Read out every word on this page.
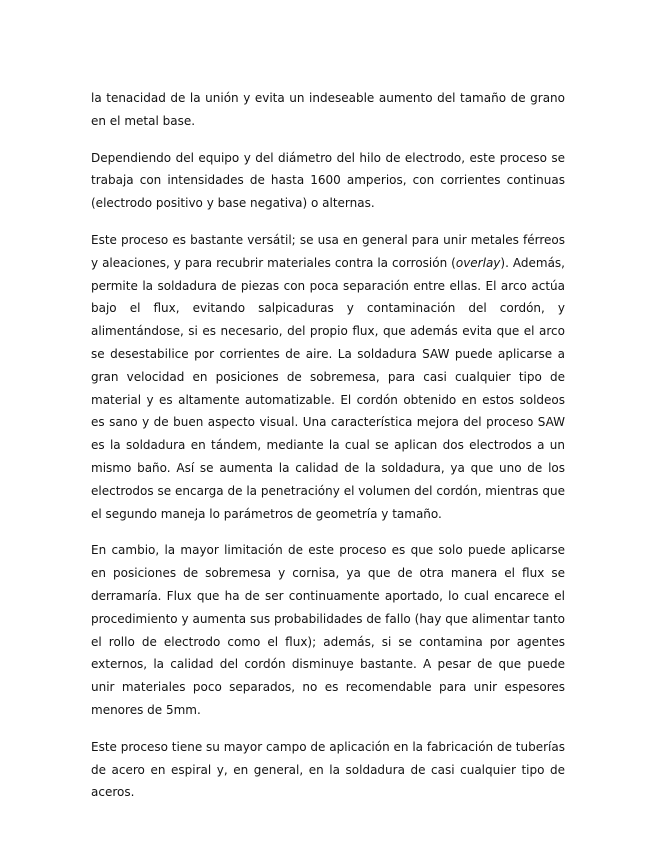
la tenacidad de la unión y evita un indeseable aumento del tamaño de grano en el metal base.

Dependiendo del equipo y del diámetro del hilo de electrodo, este proceso se trabaja con intensidades de hasta 1600 amperios, con corrientes continuas (electrodo positivo y base negativa) o alternas.

Este proceso es bastante versátil; se usa en general para unir metales férreos y aleaciones, y para recubrir materiales contra la corrosión (overlay). Además, permite la soldadura de piezas con poca separación entre ellas. El arco actúa bajo el flux, evitando salpicaduras y contaminación del cordón, y alimentándose, si es necesario, del propio flux, que además evita que el arco se desestabilice por corrientes de aire. La soldadura SAW puede aplicarse a gran velocidad en posiciones de sobremesa, para casi cualquier tipo de material y es altamente automatizable. El cordón obtenido en estos soldeos es sano y de buen aspecto visual. Una característica mejora del proceso SAW es la soldadura en tándem, mediante la cual se aplican dos electrodos a un mismo baño. Así se aumenta la calidad de la soldadura, ya que uno de los electrodos se encarga de la penetracióny el volumen del cordón, mientras que el segundo maneja lo parámetros de geometría y tamaño.

En cambio, la mayor limitación de este proceso es que solo puede aplicarse en posiciones de sobremesa y cornisa, ya que de otra manera el flux se derramaría. Flux que ha de ser continuamente aportado, lo cual encarece el procedimiento y aumenta sus probabilidades de fallo (hay que alimentar tanto el rollo de electrodo como el flux); además, si se contamina por agentes externos, la calidad del cordón disminuye bastante. A pesar de que puede unir materiales poco separados, no es recomendable para unir espesores menores de 5mm.

Este proceso tiene su mayor campo de aplicación en la fabricación de tuberías de acero en espiral y, en general, en la soldadura de casi cualquier tipo de aceros.
